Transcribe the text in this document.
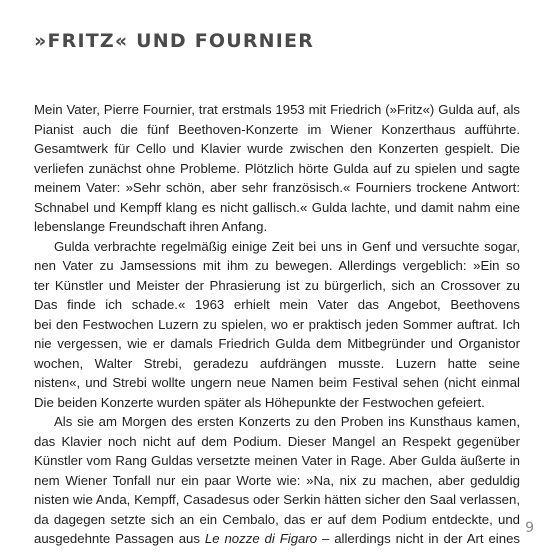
»FRITZ« UND FOURNIER
Mein Vater, Pierre Fournier, trat erstmals 1953 mit Friedrich (»Fritz«) Gulda auf, als
Pianist auch die fünf Beethoven-Konzerte im Wiener Konzerthaus aufführte.
Gesamtwerk für Cello und Klavier wurde zwischen den Konzerten gespielt. Die
verliefen zunächst ohne Probleme. Plötzlich hörte Gulda auf zu spielen und sagte
meinem Vater: »Sehr schön, aber sehr französisch.« Fourniers trockene Antwort:
Schnabel und Kempff klang es nicht gallisch.« Gulda lachte, und damit nahm eine
lebenslange Freundschaft ihren Anfang.
Gulda verbrachte regelmäßig einige Zeit bei uns in Genf und versuchte sogar,
nen Vater zu Jamsessions mit ihm zu bewegen. Allerdings vergeblich: »Ein so
ter Künstler und Meister der Phrasierung ist zu bürgerlich, sich an Crossover zu
Das finde ich schade.« 1963 erhielt mein Vater das Angebot, Beethovens
bei den Festwochen Luzern zu spielen, wo er praktisch jeden Sommer auftrat. Ich
nie vergessen, wie er damals Friedrich Gulda dem Mitbegründer und Organistor
wochen, Walter Strebi, geradezu aufdrängen musste. Luzern hatte seine
nisten«, und Strebi wollte ungern neue Namen beim Festival sehen (nicht einmal
Die beiden Konzerte wurden später als Höhepunkte der Festwochen gefeiert.
Als sie am Morgen des ersten Konzerts zu den Proben ins Kunsthaus kamen,
das Klavier noch nicht auf dem Podium. Dieser Mangel an Respekt gegenüber
Künstler vom Rang Guldas versetzte meinen Vater in Rage. Aber Gulda äußerte in
nem Wiener Tonfall nur ein paar Worte wie: »Na, nix zu machen, aber geduldig
nisten wie Anda, Kempff, Casadesus oder Serkin hätten sicher den Saal verlassen,
da dagegen setzte sich an ein Cembalo, das er auf dem Podium entdeckte, und
ausgedehnte Passagen aus Le nozze di Figaro – allerdings nicht in der Art eines
9
